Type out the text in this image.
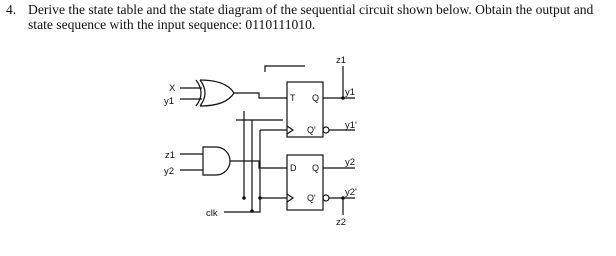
4. Derive the state table and the state diagram of the sequential circuit shown below. Obtain the output and state sequence with the input sequence: 0110111010.
X
y1
z1
y2
clk
z1
y1
y1'
y2
y2'
z2
T Q
Q'
D Q
Q'
